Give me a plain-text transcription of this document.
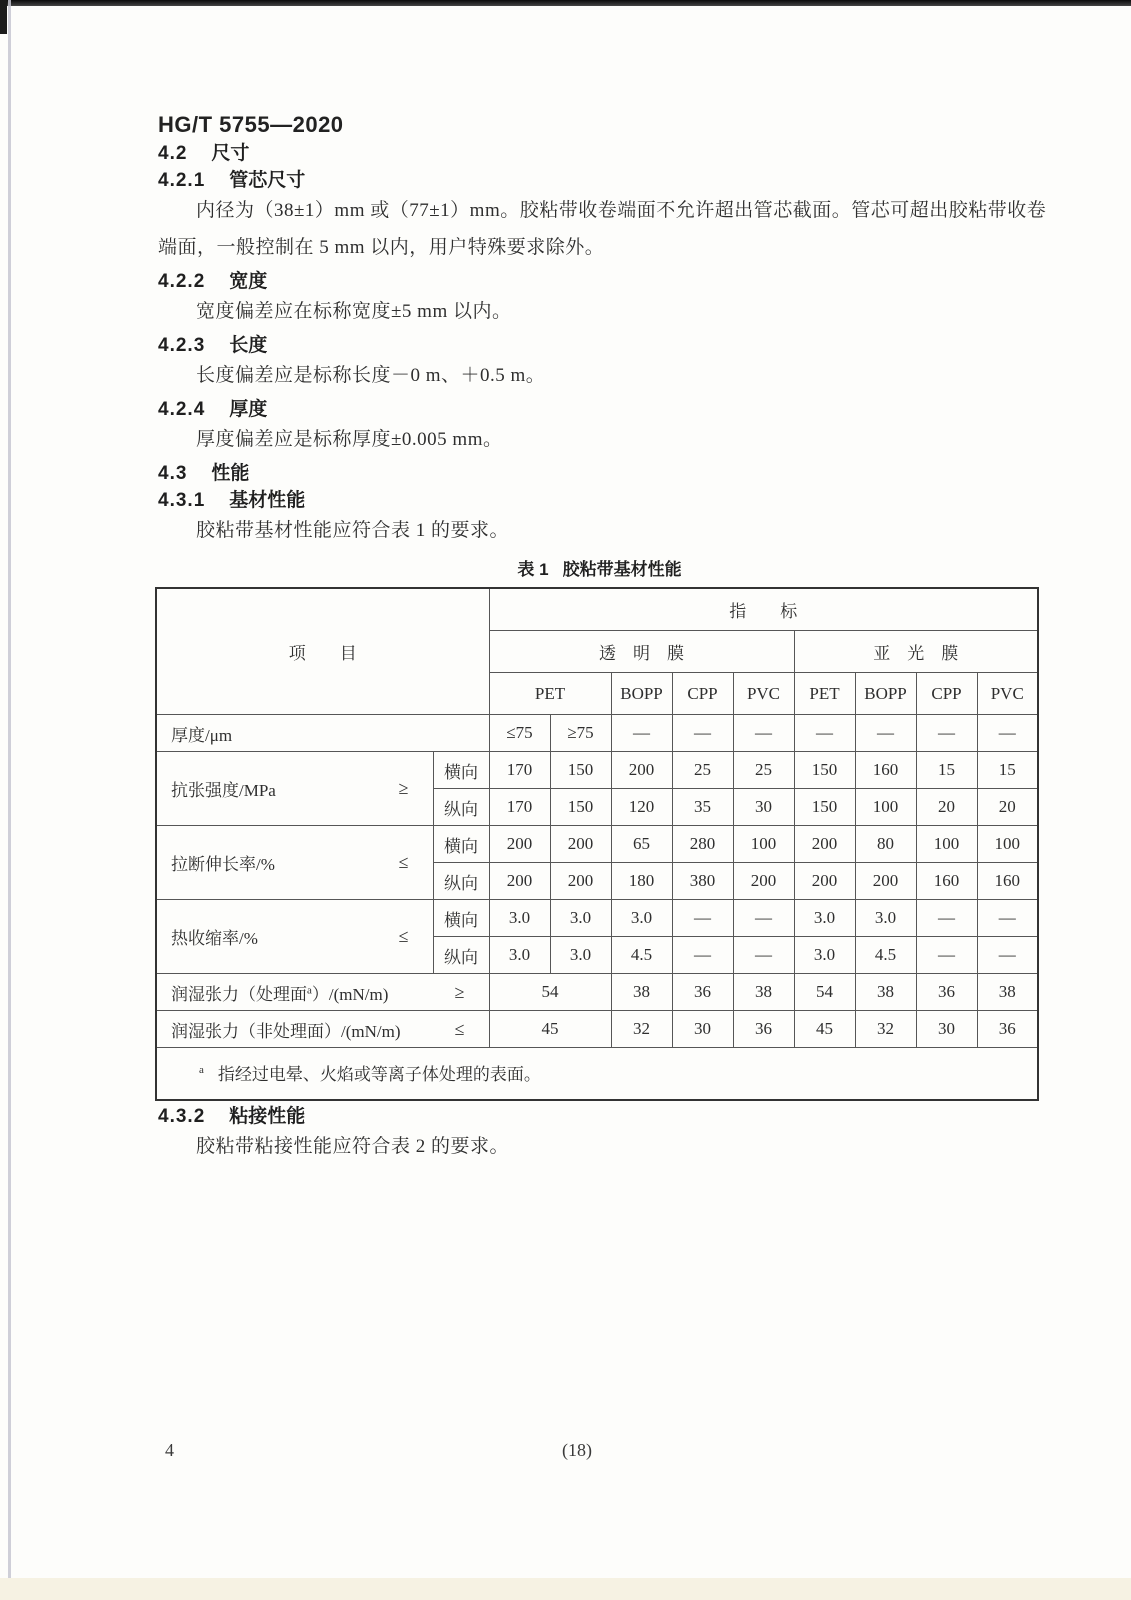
HG/T 5755—2020
4.2 尺寸
4.2.1 管芯尺寸

内径为（38±1）mm 或（77±1）mm。胶粘带收卷端面不允许超出管芯截面。管芯可超出胶粘带收卷端面，一般控制在 5 mm 以内，用户特殊要求除外。

4.2.2 宽度

宽度偏差应在标称宽度±5 mm 以内。

4.2.3 长度

长度偏差应是标称长度－0 m、＋0.5 m。

4.2.4 厚度

厚度偏差应是标称厚度±0.005 mm。

4.3 性能
4.3.1 基材性能

胶粘带基材性能应符合表 1 的要求。

表 1 胶粘带基材性能
项　　目		指　　标								
		透　明　膜					亚　光　膜			
		PET		BOPP	CPP	PVC	PET	BOPP	CPP	PVC
厚度/μm		≤75	≥75	—	—	—	—	—	—	—

抗张强度/MPa ≥	横向	170	150	200	25	25	150	160	15	15
	纵向	170	150	120	35	30	150	100	20	20

拉断伸长率/% ≤	横向	200	200	65	280	100	200	80	100	100
	纵向	200	200	180	380	200	200	200	160	160

热收缩率/% ≤	横向	3.0	3.0	3.0	—	—	3.0	3.0	—	—
	纵向	3.0	3.0	4.5	—	—	3.0	4.5	—	—

润湿张力（处理面$^a$）/(mN/m) ≥		54		38	36	38	54	38	36	38

润湿张力（非处理面）/(mN/m) ≤		45		32	30	36	45	32	30	36
$^a$ 指经过电晕、火焰或等离子体处理的表面。										
4.3.2 粘接性能

胶粘带粘接性能应符合表 2 的要求。

4	(18)
